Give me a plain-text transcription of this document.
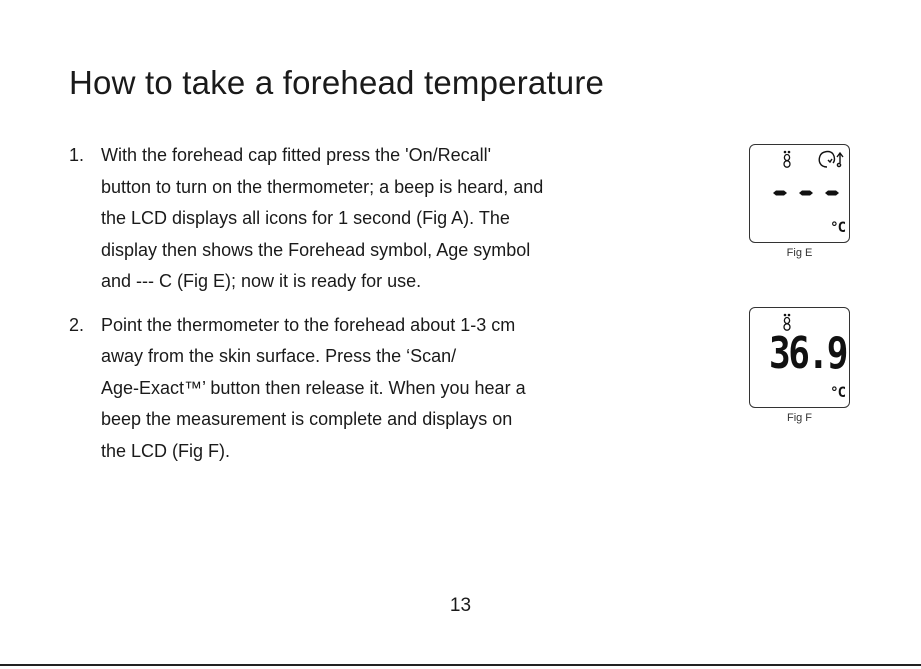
How to take a forehead temperature
1. With the forehead cap fitted press the 'On/Recall'
button to turn on the thermometer; a beep is heard, and
the LCD displays all icons for 1 second (Fig A). The
display then shows the Forehead symbol, Age symbol
and --- C (Fig E); now it is ready for use.
2. Point the thermometer to the forehead about 1-3 cm
away from the skin surface. Press the ‘Scan/
Age-Exact™’ button then release it. When you hear a
beep the measurement is complete and displays on
the LCD (Fig F).
°C
Fig E
36.9
°C
Fig F
13
